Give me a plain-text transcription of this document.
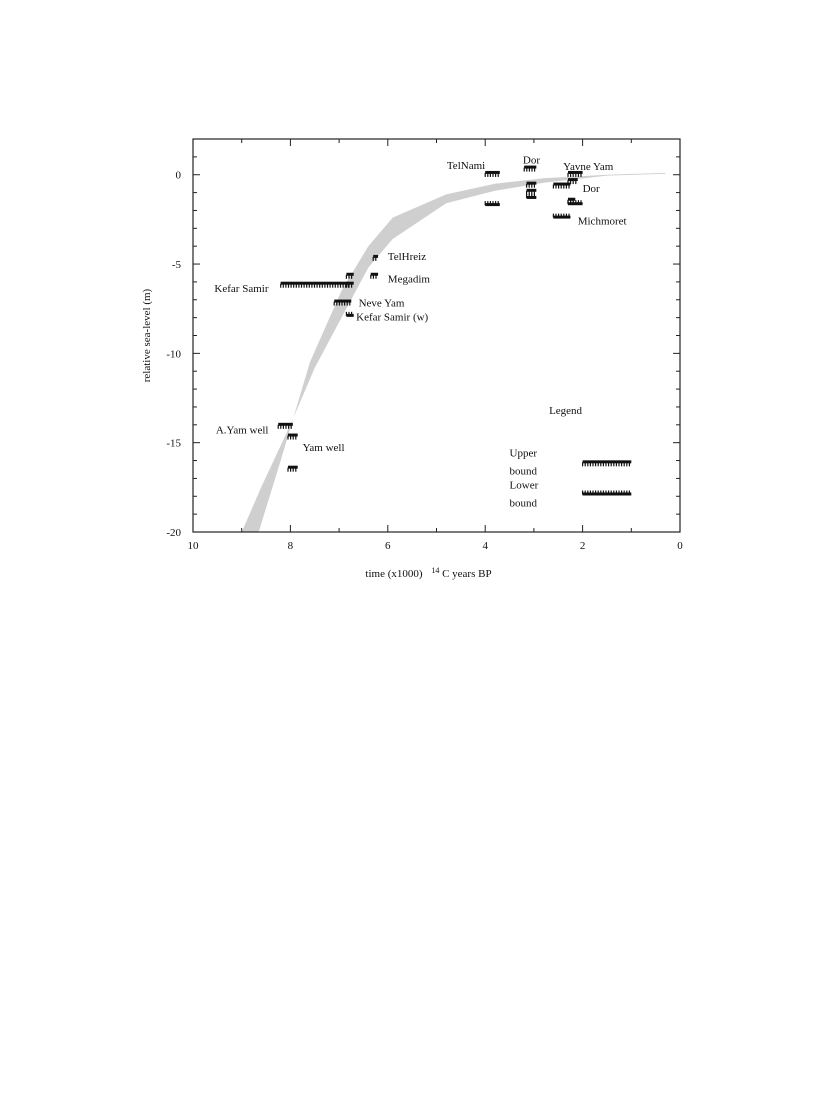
10	8	6	4	2	0
0
-5
-10
-15
-20
TelNami	Dor
Yavne Yam
Dor
Michmoret
TelHreiz
Megadim
Kefar Samir
Neve Yam
Kefar Samir (w)
A.Yam well
Yam well
Legend
Upper
bound
Lower
bound
relative sea-level (m)
time (x1000) $^{14}$ C years BP
